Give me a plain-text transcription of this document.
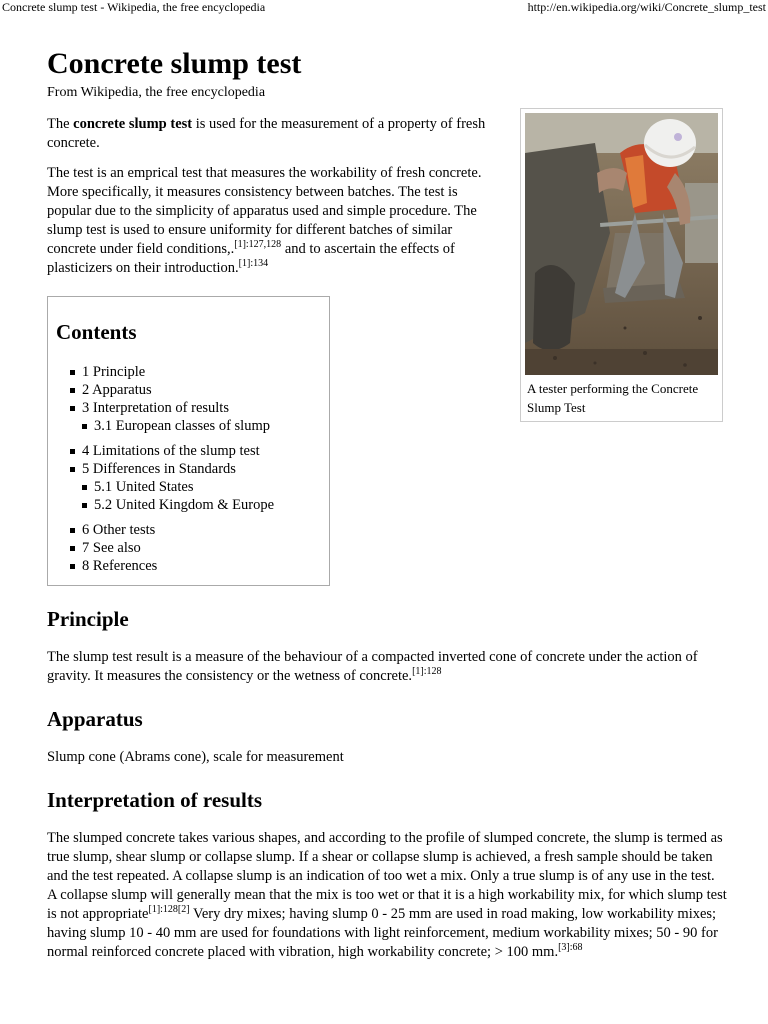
Concrete slump test - Wikipedia, the free encyclopedia	http://en.wikipedia.org/wiki/Concrete_slump_test
Concrete slump test
From Wikipedia, the free encyclopedia
A tester performing the Concrete Slump Test

The concrete slump test is used for the measurement of a property of fresh concrete.

The test is an emprical test that measures the workability of fresh concrete. More specifically, it measures consistency between batches. The test is popular due to the simplicity of apparatus used and simple procedure. The slump test is used to ensure uniformity for different batches of similar concrete under field conditions,.$^{[1]:127,128}$ and to ascertain the effects of plasticizers on their introduction.$^{[1]:134}$

Contents
1 Principle
2 Apparatus
3 Interpretation of results
3.1 European classes of slump
4 Limitations of the slump test
5 Differences in Standards
5.1 United States
5.2 United Kingdom & Europe
6 Other tests
7 See also
8 References
Principle

The slump test result is a measure of the behaviour of a compacted inverted cone of concrete under the action of gravity. It measures the consistency or the wetness of concrete.$^{[1]:128}$

Apparatus

Slump cone (Abrams cone), scale for measurement

Interpretation of results

The slumped concrete takes various shapes, and according to the profile of slumped concrete, the slump is termed as true slump, shear slump or collapse slump. If a shear or collapse slump is achieved, a fresh sample should be taken and the test repeated. A collapse slump is an indication of too wet a mix. Only a true slump is of any use in the test. A collapse slump will generally mean that the mix is too wet or that it is a high workability mix, for which slump test is not appropriate[1]:128[2] Very dry mixes; having slump 0 - 25 mm are used in road making, low workability mixes; having slump 10 - 40 mm are used for foundations with light reinforcement, medium workability mixes; 50 - 90 for normal reinforced concrete placed with vibration, high workability concrete; > 100 mm.$^{[3]:68}$
